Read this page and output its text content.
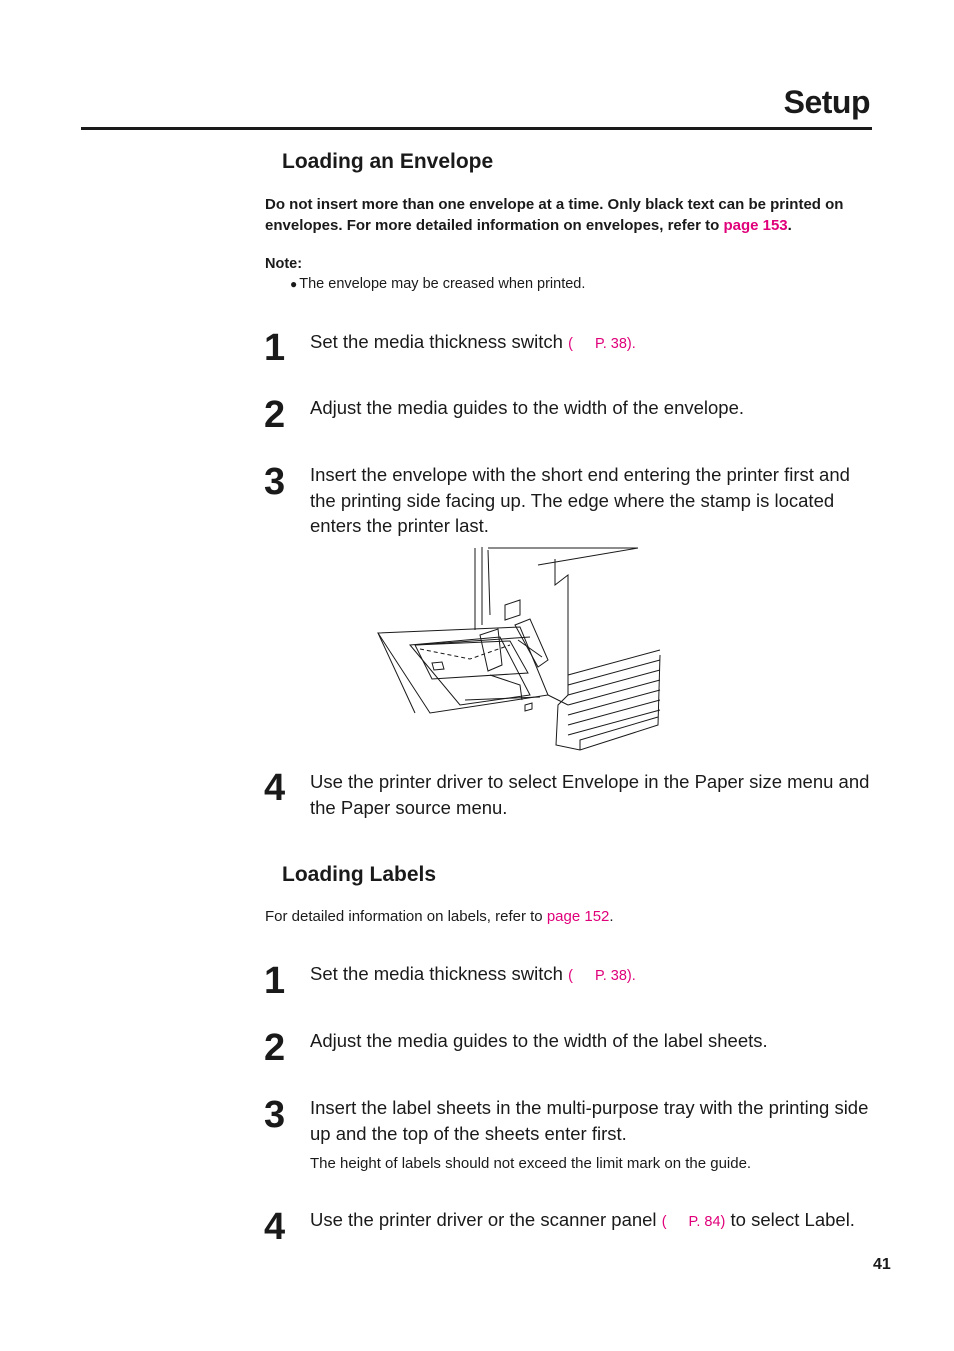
Setup
Loading an Envelope
Do not insert more than one envelope at a time. Only black text can be printed on envelopes. For more detailed information on envelopes, refer to page 153.
Note:
● The envelope may be creased when printed.
1 Set the media thickness switch ( P. 38).
2 Adjust the media guides to the width of the envelope.
3 Insert the envelope with the short end entering the printer first and the printing side facing up. The edge where the stamp is located enters the printer last.
4 Use the printer driver to select Envelope in the Paper size menu and the Paper source menu.
Loading Labels
For detailed information on labels, refer to page 152.
1 Set the media thickness switch ( P. 38).
2 Adjust the media guides to the width of the label sheets.
3 Insert the label sheets in the multi-purpose tray with the printing side up and the top of the sheets enter first.
The height of labels should not exceed the limit mark on the guide.
4 Use the printer driver or the scanner panel ( P. 84) to select Label.
41
